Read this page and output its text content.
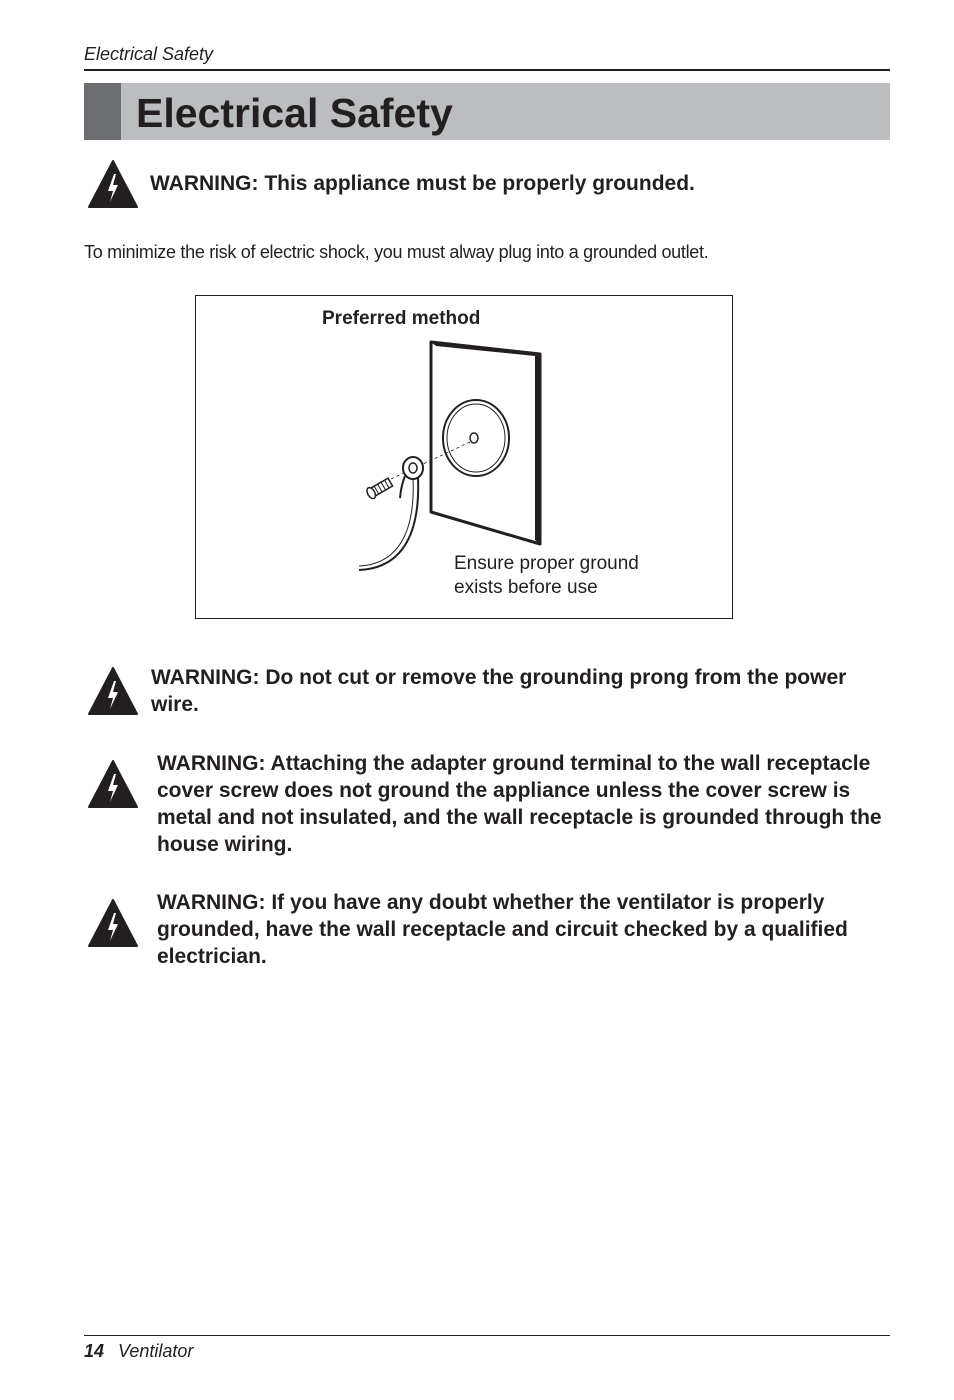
Electrical Safety
Electrical Safety

WARNING: This appliance must be properly grounded.

To minimize the risk of electric shock, you must alway plug into a grounded outlet.

Preferred method

Ensure proper ground
exists before use

WARNING: Do not cut or remove the grounding prong from the power wire.

WARNING: Attaching the adapter ground terminal to the wall receptacle cover screw does not ground the appliance unless the cover screw is metal and not insulated, and the wall receptacle is grounded through the house wiring.

WARNING: If you have any doubt whether the ventilator is properly grounded, have the wall receptacle and circuit checked by a qualified electrician.

14 Ventilator
